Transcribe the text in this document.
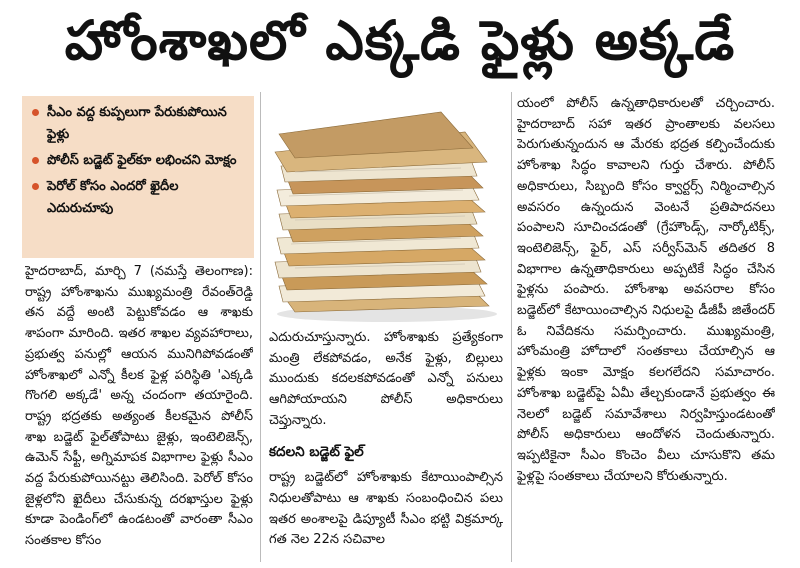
హోంశాఖలో ఎక్కడి ఫైళ్లు అక్కడే
సీఎం వద్ద కుప్పలుగా పేరుకుపోయిన ఫైళ్లు
పోలీస్ బడ్జెట్ ఫైల్‌కూ లభించని మోక్షం
పెరోల్ కోసం ఎందరో ఖైదీల ఎదురుచూపు

హైదరాబాద్, మార్చి 7 (నమస్తే తెలంగాణ): రాష్ట్ర హోంశాఖను ముఖ్యమంత్రి రేవంత్‌రెడ్డి తన వద్దే అంటి పెట్టుకోవడం ఆ శాఖకు శాపంగా మారింది. ఇతర శాఖల వ్యవహారాలు, ప్రభుత్వ పనుల్లో ఆయన మునిగిపోవడంతో హోంశాఖలో ఎన్నో కీలక ఫైళ్ల పరిస్థితి 'ఎక్కడి గొంగలి అక్కడే' అన్న చందంగా తయారైంది. రాష్ట్ర భద్రతకు అత్యంత కీలకమైన పోలీస్ శాఖ బడ్జెట్ ఫైల్‌తోపాటు జైళ్లు, ఇంటెలిజెన్స్, ఉమెన్ సేఫ్టీ, అగ్నిమాపక విభాగాల ఫైళ్లు సీఎం వద్ద పేరుకుపోయినట్టు తెలిసింది. పెరోల్ కోసం జైళ్లలోని ఖైదీలు చేసుకున్న దరఖాస్తుల ఫైళ్లు కూడా పెండింగ్‌లో ఉండటంతో వారంతా సీఎం సంతకాల కోసం

ఎదురుచూస్తున్నారు. హోంశాఖకు ప్రత్యేకంగా మంత్రి లేకపోవడం, అనేక ఫైళ్లు, బిల్లులు ముందుకు కదలకపోవడంతో ఎన్నో పనులు ఆగిపోయాయని పోలీస్ అధికారులు చెప్తున్నారు.

కదలని బడ్జెట్ ఫైల్

రాష్ట్ర బడ్జెట్‌లో హోంశాఖకు కేటాయింపాల్సిన నిధులతోపాటు ఆ శాఖకు సంబంధించిన పలు ఇతర అంశాలపై డిప్యూటీ సీఎం భట్టి విక్రమార్క గత నెల 22న సచివాల

యంలో పోలీస్ ఉన్నతాధికారులతో చర్చించారు. హైదరాబాద్ సహా ఇతర ప్రాంతాలకు వలసలు పెరుగుతున్నందున ఆ మేరకు భద్రత కల్పించేందుకు హోంశాఖ సిద్ధం కావాలని గుర్తు చేశారు. పోలీస్ అధికారులు, సిబ్బంది కోసం క్వార్టర్స్ నిర్మించాల్సిన అవసరం ఉన్నందున వెంటనే ప్రతిపాదనలు పంపాలని సూచించడంతో (గ్రేహౌండ్స్, నార్కోటిక్స్, ఇంటెలిజెన్స్, ఫైర్, ఎస్ సర్వీస్‌మెన్ తదితర 8 విభాగాల ఉన్నతాధికారులు అప్పటికే సిద్ధం చేసిన ఫైళ్లను పంపారు. హోంశాఖ అవసరాల కోసం బడ్జెట్‌లో కేటాయించాల్సిన నిధులపై డీజీపీ జితేందర్ ఓ నివేదికను సమర్పించారు. ముఖ్యమంత్రి, హోంమంత్రి హోదాలో సంతకాలు చేయాల్సిన ఆ ఫైళ్లకు ఇంకా మోక్షం కలగలేదని సమాచారం. హోంశాఖ బడ్జెట్‌పై ఏమీ తేల్చకుండానే ప్రభుత్వం ఈ నెలలో బడ్జెట్ సమావేశాలు నిర్వహిస్తుండటంతో పోలీస్ అధికారులు ఆందోళన చెందుతున్నారు. ఇప్పటికైనా సీఎం కొంచెం వీలు చూసుకొని తమ ఫైళ్లపై సంతకాలు చేయాలని కోరుతున్నారు.
